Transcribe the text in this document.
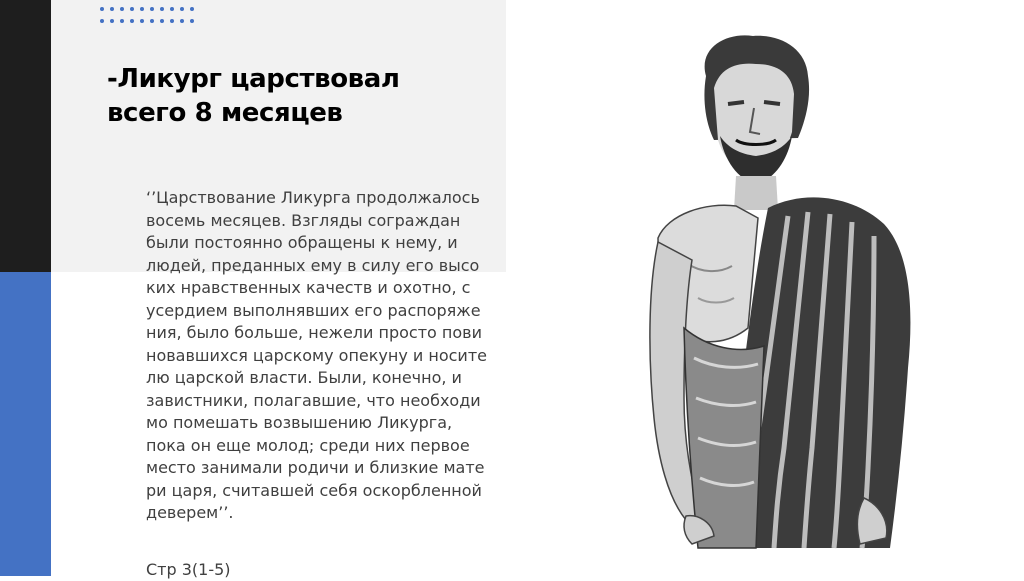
-Ликург царствовал
всего 8 месяцев

‘’Царствование Ликурга продолжалось
восемь месяцев. Взгляды сограждан
были постоянно обращены к нему, и
людей, преданных ему в силу его высо
ких нравственных качеств и охотно, с
усердием выполнявших его распоряже
ния, было больше, нежели просто пови
новавшихся царскому опекуну и носите
лю царской власти. Были, конечно, и
завистники, полагавшие, что необходи
мо помешать возвышению Ликурга,
пока он еще молод; среди них первое
место занимали родичи и близкие мате
ри царя, считавшей себя оскорбленной
деверем’’.

Стр 3(1-5)
